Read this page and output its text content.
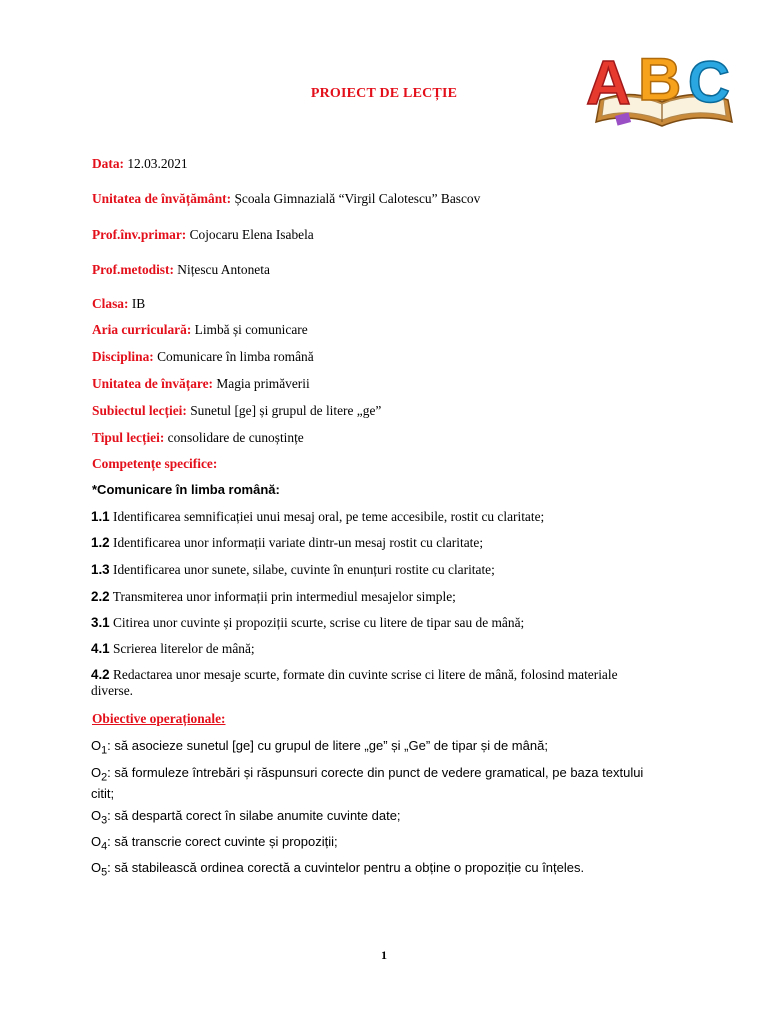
A B C
PROIECT DE LECȚIE
Data: 12.03.2021
Unitatea de învățământ: Școala Gimnazială “Virgil Calotescu” Bascov
Prof.înv.primar: Cojocaru Elena Isabela
Prof.metodist: Nițescu Antoneta
Clasa: IB
Aria curriculară: Limbă și comunicare
Disciplina: Comunicare în limba română
Unitatea de învățare: Magia primăverii
Subiectul lecției: Sunetul [ge] și grupul de litere „ge”
Tipul lecției: consolidare de cunoștințe
Competențe specifice:
*Comunicare în limba română:
1.1 Identificarea semnificației unui mesaj oral, pe teme accesibile, rostit cu claritate;
1.2 Identificarea unor informații variate dintr-un mesaj rostit cu claritate;
1.3 Identificarea unor sunete, silabe, cuvinte în enunțuri rostite cu claritate;
2.2 Transmiterea unor informații prin intermediul mesajelor simple;
3.1 Citirea unor cuvinte și propoziții scurte, scrise cu litere de tipar sau de mână;
4.1 Scrierea literelor de mână;
4.2 Redactarea unor mesaje scurte, formate din cuvinte scrise ci litere de mână, folosind materiale diverse.
Obiective operaționale:
$O_1$: să asocieze sunetul [ge] cu grupul de litere „ge” și „Ge” de tipar și de mână;
$O_2$: să formuleze întrebări și răspunsuri corecte din punct de vedere gramatical, pe baza textului citit;
$O_3$: să despartă corect în silabe anumite cuvinte date;
$O_4$: să transcrie corect cuvinte și propoziții;
$O_5$: să stabilească ordinea corectă a cuvintelor pentru a obține o propoziție cu înțeles.
1
